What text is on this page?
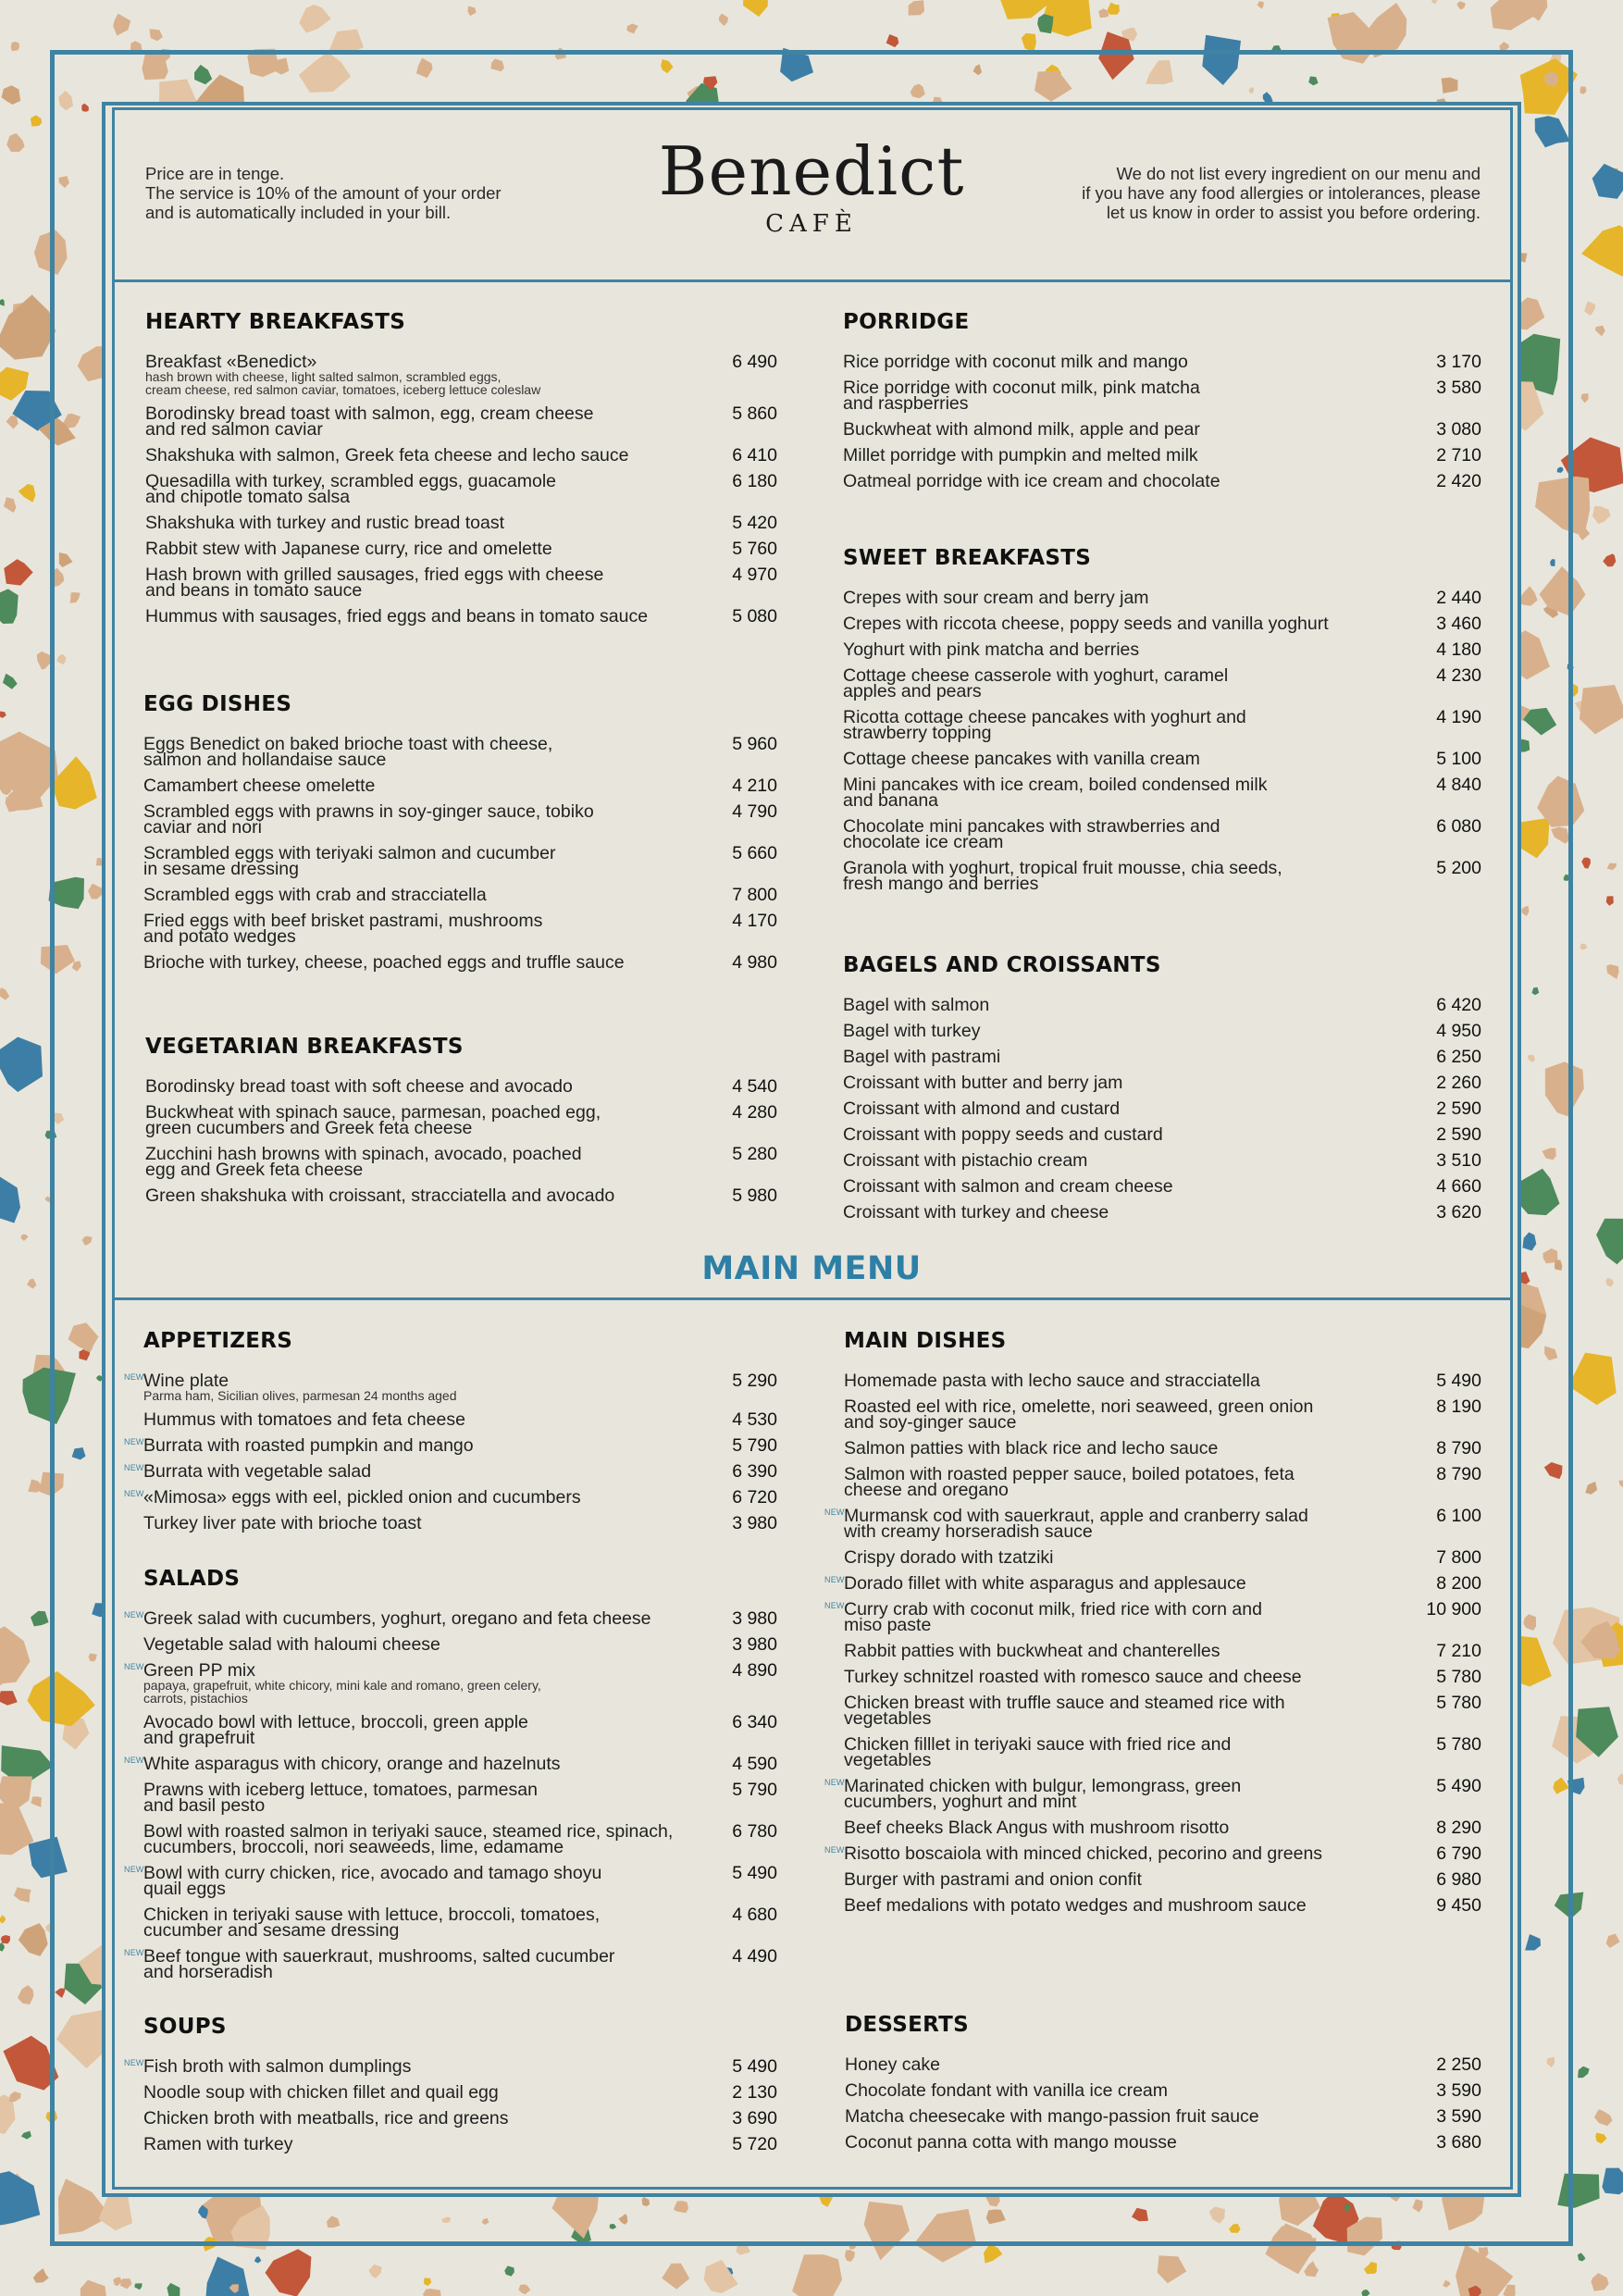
Price are in tenge.
The service is 10% of the amount of your order
and is automatically included in your bill.
Benedict
CAFÈ
We do not list every ingredient on our menu and
if you have any food allergies or intolerances, please
let us know in order to assist you before ordering.
MAIN MENU
HEARTY BREAKFASTS
Breakfast «Benedict»	6 490
hash brown with cheese, light salted salmon, scrambled eggs,
cream cheese, red salmon caviar, tomatoes, iceberg lettuce coleslaw
Borodinsky bread toast with salmon, egg, cream cheese	5 860
and red salmon caviar
Shakshuka with salmon, Greek feta cheese and lecho sauce	6 410
Quesadilla with turkey, scrambled eggs, guacamole	6 180
and chipotle tomato salsa
Shakshuka with turkey and rustic bread toast	5 420
Rabbit stew with Japanese curry, rice and omelette	5 760
Hash brown with grilled sausages, fried eggs with cheese	4 970
and beans in tomato sauce
Hummus with sausages, fried eggs and beans in tomato sauce	5 080
EGG DISHES
Eggs Benedict on baked brioche toast with cheese,	5 960
salmon and hollandaise sauce
Camambert cheese omelette	4 210
Scrambled eggs with prawns in soy-ginger sauce, tobiko	4 790
caviar and nori
Scrambled eggs with teriyaki salmon and cucumber	5 660
in sesame dressing
Scrambled eggs with crab and stracciatella	7 800
Fried eggs with beef brisket pastrami, mushrooms	4 170
and potato wedges
Brioche with turkey, cheese, poached eggs and truffle sauce	4 980
VEGETARIAN BREAKFASTS
Borodinsky bread toast with soft cheese and avocado	4 540
Buckwheat with spinach sauce, parmesan, poached egg,	4 280
green cucumbers and Greek feta cheese
Zucchini hash browns with spinach, avocado, poached	5 280
egg and Greek feta cheese
Green shakshuka with croissant, stracciatella and avocado	5 980
PORRIDGE
Rice porridge with coconut milk and mango	3 170
Rice porridge with coconut milk, pink matcha	3 580
and raspberries
Buckwheat with almond milk, apple and pear	3 080
Millet porridge with pumpkin and melted milk	2 710
Oatmeal porridge with ice cream and chocolate	2 420
SWEET BREAKFASTS
Crepes with sour cream and berry jam	2 440
Crepes with riccota cheese, poppy seeds and vanilla yoghurt	3 460
Yoghurt with pink matcha and berries	4 180
Cottage cheese casserole with yoghurt, caramel	4 230
apples and pears
Ricotta cottage cheese pancakes with yoghurt and	4 190
strawberry topping
Cottage cheese pancakes with vanilla cream	5 100
Mini pancakes with ice cream, boiled condensed milk	4 840
and banana
Chocolate mini pancakes with strawberries and	6 080
chocolate ice cream
Granola with yoghurt, tropical fruit mousse, chia seeds,	5 200
fresh mango and berries
BAGELS AND CROISSANTS
Bagel with salmon	6 420
Bagel with turkey	4 950
Bagel with pastrami	6 250
Croissant with butter and berry jam	2 260
Croissant with almond and custard	2 590
Croissant with poppy seeds and custard	2 590
Croissant with pistachio cream	3 510
Croissant with salmon and cream cheese	4 660
Croissant with turkey and cheese	3 620
APPETIZERS
NEW Wine plate	5 290
Parma ham, Sicilian olives, parmesan 24 months aged
Hummus with tomatoes and feta cheese	4 530
NEW Burrata with roasted pumpkin and mango	5 790
NEW Burrata with vegetable salad	6 390
NEW «Mimosa» eggs with eel, pickled onion and cucumbers	6 720
Turkey liver pate with brioche toast	3 980
SALADS
NEW Greek salad with cucumbers, yoghurt, oregano and feta cheese	3 980
Vegetable salad with haloumi cheese	3 980
NEW Green PP mix	4 890
papaya, grapefruit, white chicory, mini kale and romano, green celery,
carrots, pistachios
Avocado bowl with lettuce, broccoli, green apple	6 340
and grapefruit
NEW White asparagus with chicory, orange and hazelnuts	4 590
Prawns with iceberg lettuce, tomatoes, parmesan	5 790
and basil pesto
Bowl with roasted salmon in teriyaki sauce, steamed rice, spinach,	6 780
cucumbers, broccoli, nori seaweeds, lime, edamame
NEW Bowl with curry chicken, rice, avocado and tamago shoyu	5 490
quail eggs
Chicken in teriyaki sause with lettuce, broccoli, tomatoes,	4 680
cucumber and sesame dressing
NEW Beef tongue with sauerkraut, mushrooms, salted cucumber	4 490
and horseradish
SOUPS
NEW Fish broth with salmon dumplings	5 490
Noodle soup with chicken fillet and quail egg	2 130
Chicken broth with meatballs, rice and greens	3 690
Ramen with turkey	5 720
MAIN DISHES
Homemade pasta with lecho sauce and stracciatella	5 490
Roasted eel with rice, omelette, nori seaweed, green onion	8 190
and soy-ginger sauce
Salmon patties with black rice and lecho sauce	8 790
Salmon with roasted pepper sauce, boiled potatoes, feta	8 790
cheese and oregano
NEW Murmansk cod with sauerkraut, apple and cranberry salad	6 100
with creamy horseradish sauce
Crispy dorado with tzatziki	7 800
NEW Dorado fillet with white asparagus and applesauce	8 200
NEW Curry crab with coconut milk, fried rice with corn and	10 900
miso paste
Rabbit patties with buckwheat and chanterelles	7 210
Turkey schnitzel roasted with romesco sauce and cheese	5 780
Chicken breast with truffle sauce and steamed rice with	5 780
vegetables
Chicken filllet in teriyaki sauce with fried rice and	5 780
vegetables
NEW Marinated chicken with bulgur, lemongrass, green	5 490
cucumbers, yoghurt and mint
Beef cheeks Black Angus with mushroom risotto	8 290
NEW Risotto boscaiola with minced chicked, pecorino and greens	6 790
Burger with pastrami and onion confit	6 980
Beef medalions with potato wedges and mushroom sauce	9 450
DESSERTS
Honey cake	2 250
Chocolate fondant with vanilla ice cream	3 590
Matcha cheesecake with mango-passion fruit sauce	3 590
Coconut panna cotta with mango mousse	3 680
